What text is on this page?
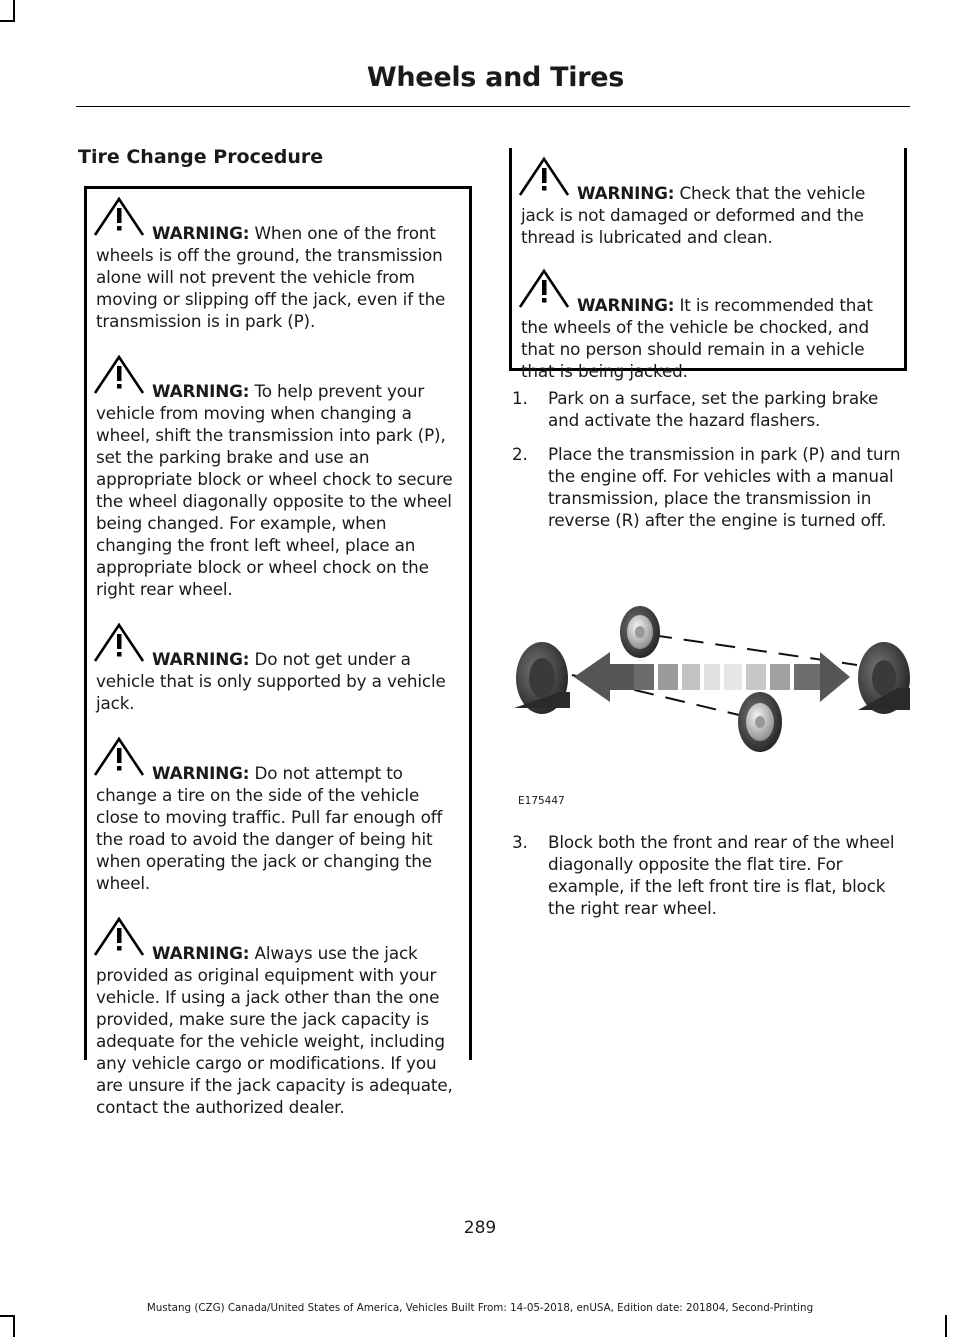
Wheels and Tires
Tire Change Procedure
WARNING: When one of the front wheels is off the ground, the transmission alone will not prevent the vehicle from moving or slipping off the jack, even if the transmission is in park (P).
WARNING: To help prevent your vehicle from moving when changing a wheel, shift the transmission into park (P), set the parking brake and use an appropriate block or wheel chock to secure the wheel diagonally opposite to the wheel being changed. For example, when changing the front left wheel, place an appropriate block or wheel chock on the right rear wheel.
WARNING: Do not get under a vehicle that is only supported by a vehicle jack.
WARNING: Do not attempt to change a tire on the side of the vehicle close to moving traffic. Pull far enough off the road to avoid the danger of being hit when operating the jack or changing the wheel.
WARNING: Always use the jack provided as original equipment with your vehicle. If using a jack other than the one provided, make sure the jack capacity is adequate for the vehicle weight, including any vehicle cargo or modifications. If you are unsure if the jack capacity is adequate, contact the authorized dealer.
WARNING: Check that the vehicle jack is not damaged or deformed and the thread is lubricated and clean.
WARNING: It is recommended that the wheels of the vehicle be chocked, and that no person should remain in a vehicle that is being jacked.
1. Park on a surface, set the parking brake and activate the hazard flashers.
2. Place the transmission in park (P) and turn the engine off. For vehicles with a manual transmission, place the transmission in reverse (R) after the engine is turned off.
E175447
3. Block both the front and rear of the wheel diagonally opposite the flat tire. For example, if the left front tire is flat, block the right rear wheel.
289
Mustang (CZG) Canada/United States of America, Vehicles Built From: 14-05-2018, enUSA, Edition date: 201804, Second-Printing
